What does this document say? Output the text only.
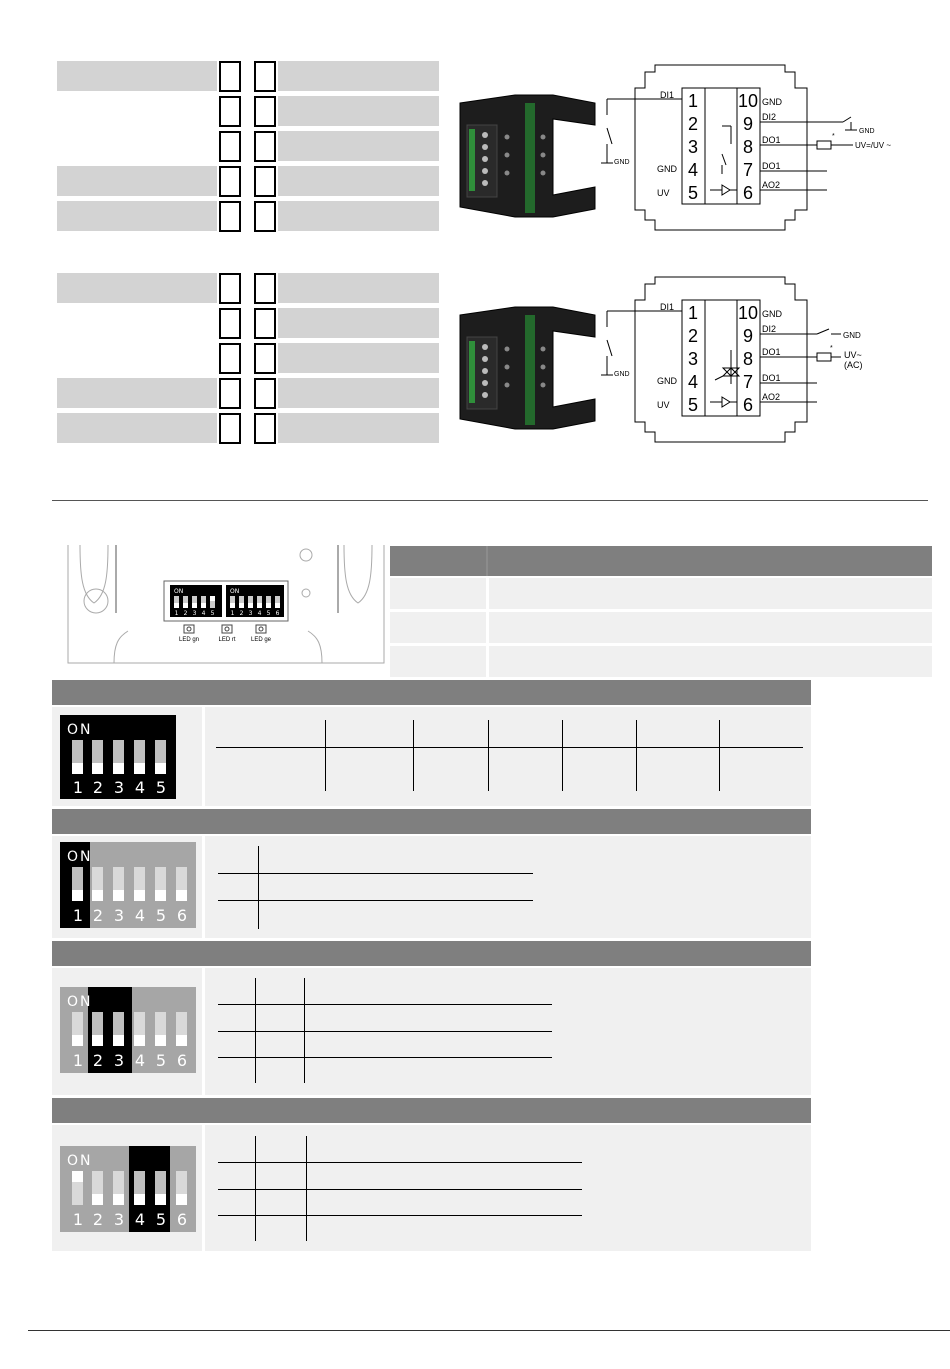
1
2
3
4
5
10
9
8
7
6
DI1
GND
UV
GND
DI2
DO1
DO1
AO2
GND
GND
*
UV=/UV ~
1
2
3
4
5
10
9
8
7
6
DI1
GND
UV
GND
DI2
DO1
DO1
AO2
GND
GND
*
UV~
(AC)
ON	ON
1 2 3 4 5	1 2 3 4 5 6
LED gn	LED rt	LED ge
ON
1 2 3 4 5
ON
1 2 3 4 5 6
ON
1 2 3 4 5 6
ON
1 2 3 4 5 6
